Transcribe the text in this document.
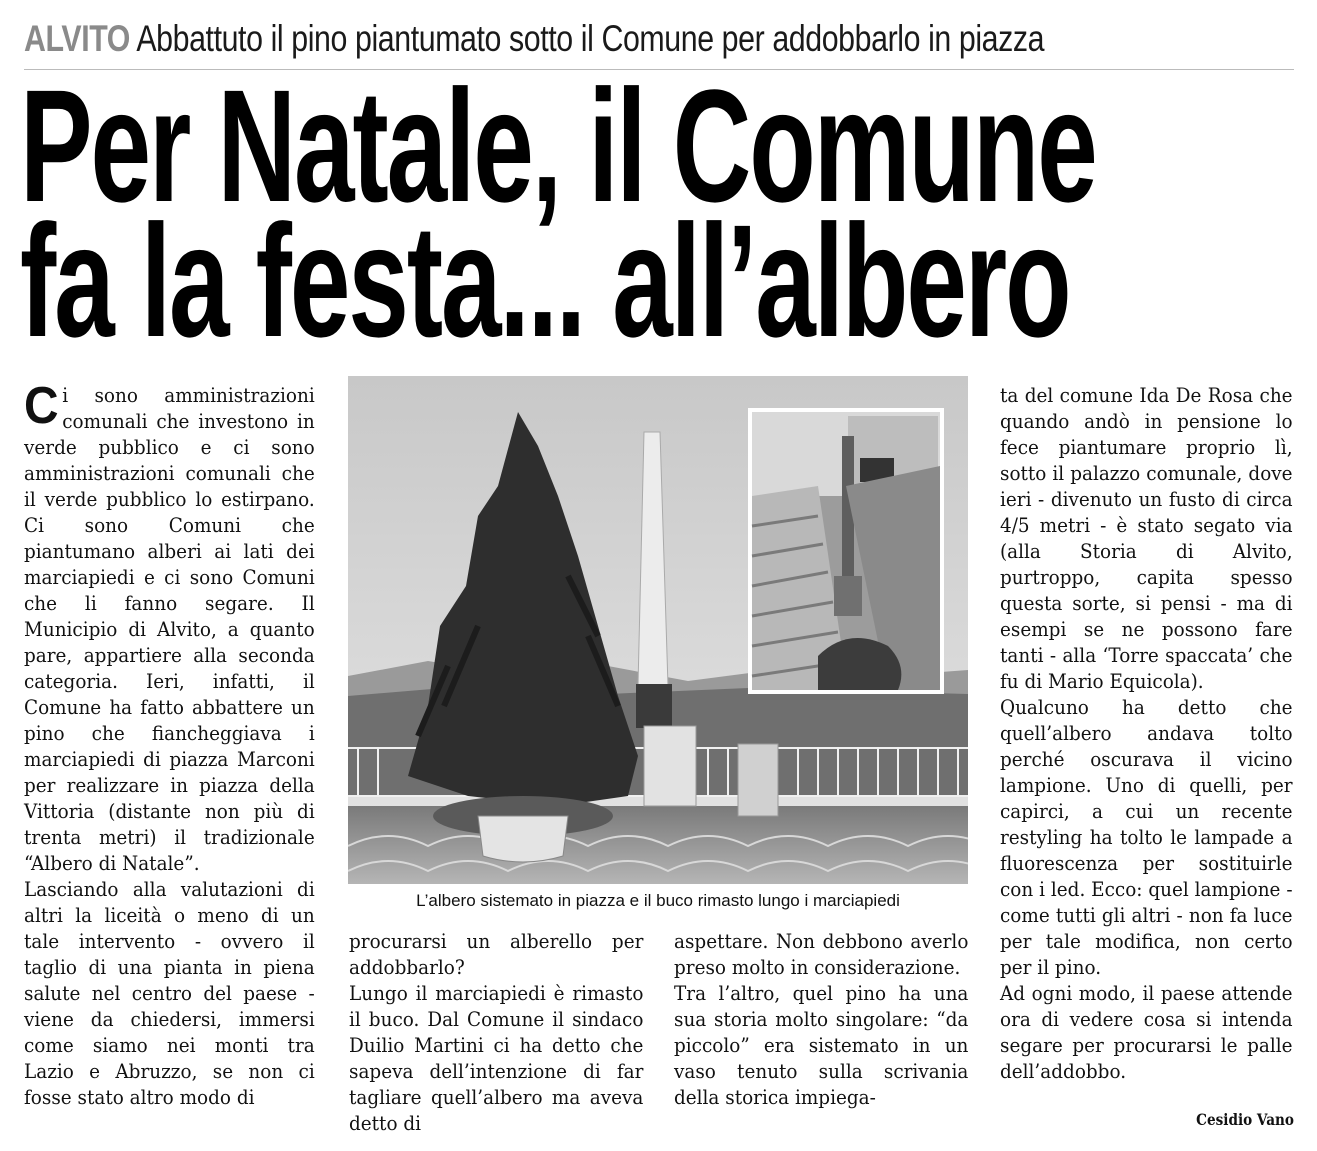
ALVITO Abbattuto il pino piantumato sotto il Comune per addobbarlo in piazza
Per Natale, il Comune
fa la festa... all’albero

Ci sono amministrazioni comunali che investono in verde pubblico e ci sono amministrazioni comunali che il verde pubblico lo estirpano. Ci sono Comuni che piantumano alberi ai lati dei marciapiedi e ci sono Comuni che li fanno segare. Il Municipio di Alvito, a quanto pare, appartiere alla seconda categoria. Ieri, infatti, il Comune ha fatto abbattere un pino che fiancheggiava i marciapiedi di piazza Marconi per realizzare in piazza della Vittoria (distante non più di trenta metri) il tradizionale “Albero di Natale”.

Lasciando alla valutazioni di altri la liceità o meno di un tale intervento - ovvero il taglio di una pianta in piena salute nel centro del paese - viene da chiedersi, immersi come siamo nei monti tra Lazio e Abruzzo, se non ci fosse stato altro modo di

L’albero sistemato in piazza e il buco rimasto lungo i marciapiedi

procurarsi un alberello per addobbarlo?

Lungo il marciapiedi è rimasto il buco. Dal Comune il sindaco Duilio Martini ci ha detto che sapeva dell’intenzione di far tagliare quell’albero ma aveva detto di

aspettare. Non debbono averlo preso molto in considerazione.

Tra l’altro, quel pino ha una sua storia molto singolare: “da piccolo” era sistemato in un vaso tenuto sulla scrivania della storica impiega-

ta del comune Ida De Rosa che quando andò in pensione lo fece piantumare proprio lì, sotto il palazzo comunale, dove ieri - divenuto un fusto di circa 4/5 metri - è stato segato via (alla Storia di Alvito, purtroppo, capita spesso questa sorte, si pensi - ma di esempi se ne possono fare tanti - alla ‘Torre spaccata’ che fu di Mario Equicola).

Qualcuno ha detto che quell’albero andava tolto perché oscurava il vicino lampione. Uno di quelli, per capirci, a cui un recente restyling ha tolto le lampade a fluorescenza per sostituirle con i led. Ecco: quel lampione - come tutti gli altri - non fa luce per tale modifica, non certo per il pino.

Ad ogni modo, il paese attende ora di vedere cosa si intenda segare per procurarsi le palle dell’addobbo.

Cesidio Vano
